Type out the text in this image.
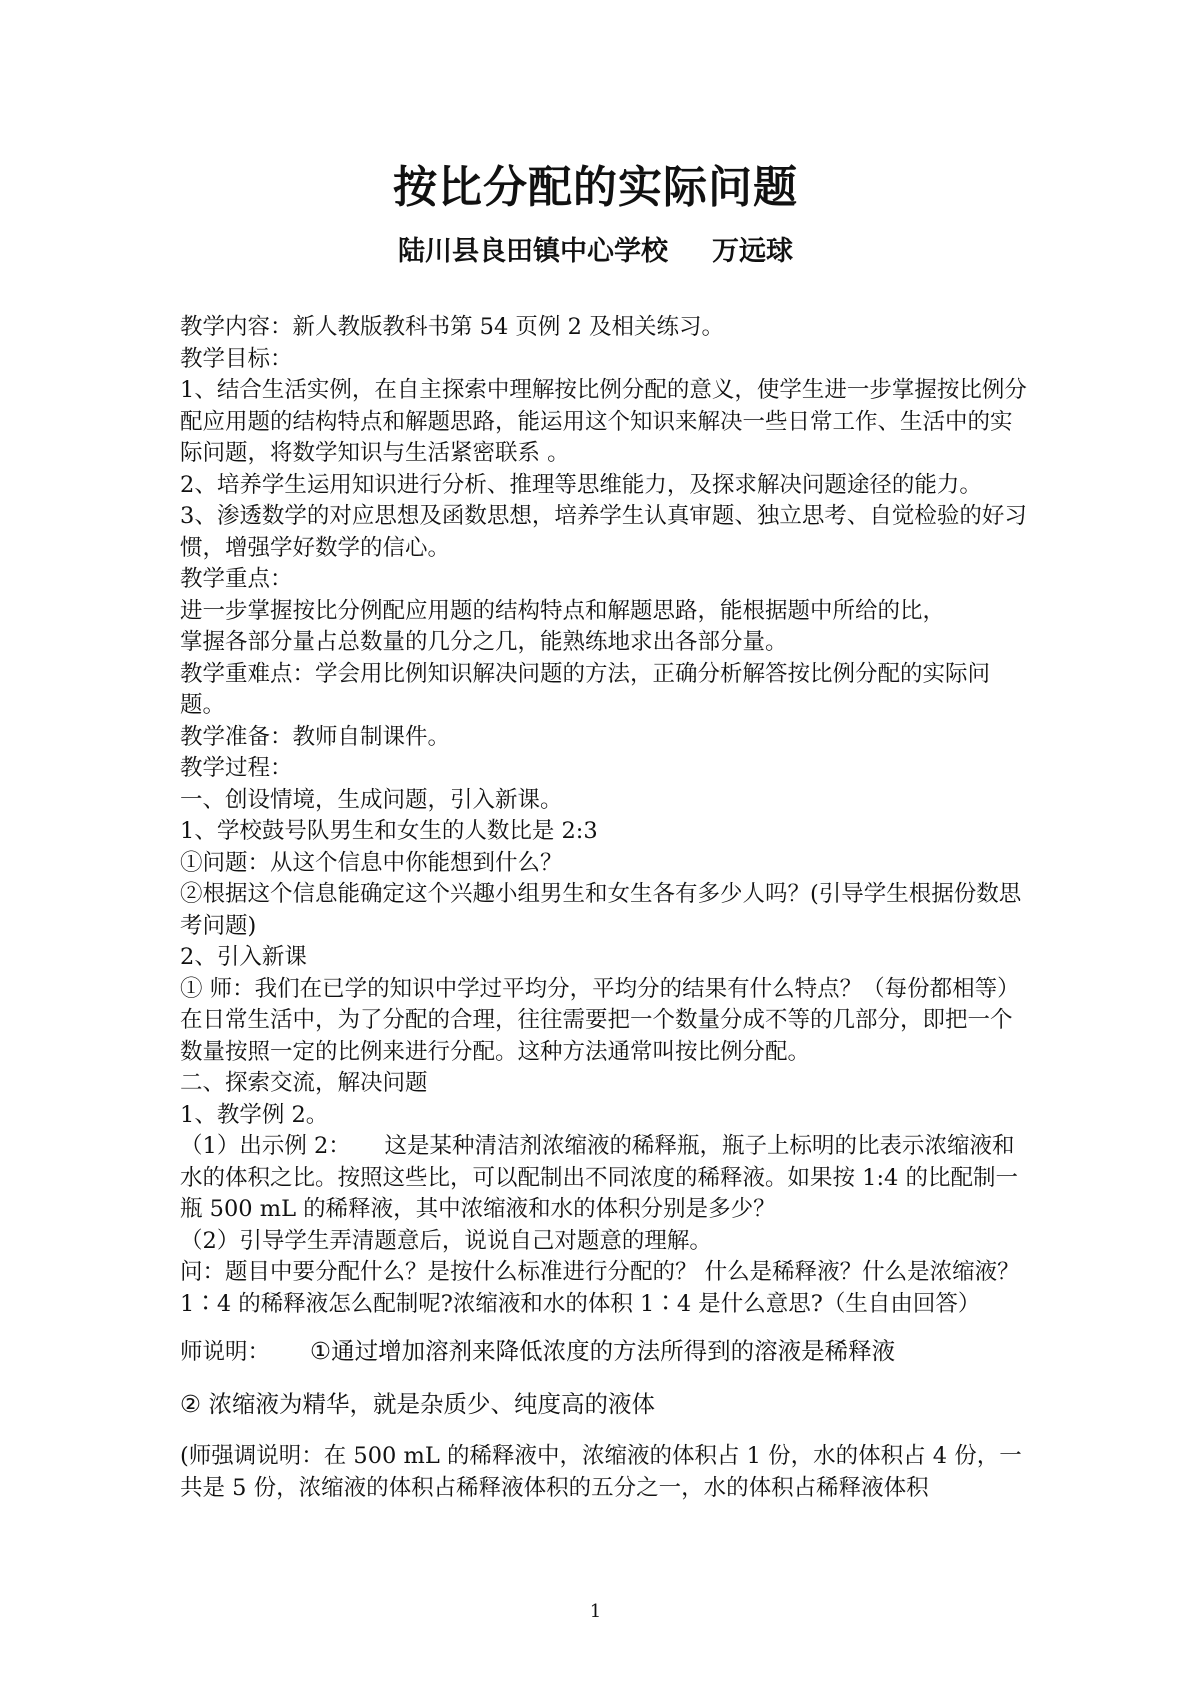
按比分配的实际问题
陆川县良田镇中心学校 万远球

教学内容：新人教版教科书第 54 页例 2 及相关练习。

教学目标：

1、结合生活实例，在自主探索中理解按比例分配的意义，使学生进一步掌握按比例分配应用题的结构特点和解题思路，能运用这个知识来解决一些日常工作、生活中的实际问题，将数学知识与生活紧密联系 。

2、培养学生运用知识进行分析、推理等思维能力，及探求解决问题途径的能力。

3、渗透数学的对应思想及函数思想，培养学生认真审题、独立思考、自觉检验的好习惯，增强学好数学的信心。

教学重点：

进一步掌握按比分例配应用题的结构特点和解题思路，能根据题中所给的比，

掌握各部分量占总数量的几分之几，能熟练地求出各部分量。

教学重难点：学会用比例知识解决问题的方法，正确分析解答按比例分配的实际问题。

教学准备：教师自制课件。

教学过程：

一、创设情境，生成问题，引入新课。

1、学校鼓号队男生和女生的人数比是 2:3

①问题：从这个信息中你能想到什么？

②根据这个信息能确定这个兴趣小组男生和女生各有多少人吗？(引导学生根据份数思考问题)

2、引入新课

① 师：我们在已学的知识中学过平均分，平均分的结果有什么特点？（每份都相等）在日常生活中，为了分配的合理，往往需要把一个数量分成不等的几部分，即把一个数量按照一定的比例来进行分配。这种方法通常叫按比例分配。

二、探索交流，解决问题

1、教学例 2。

（1）出示例 2：　　这是某种清洁剂浓缩液的稀释瓶，瓶子上标明的比表示浓缩液和水的体积之比。按照这些比，可以配制出不同浓度的稀释液。如果按 1:4 的比配制一瓶 500 mL 的稀释液，其中浓缩液和水的体积分别是多少？

（2）引导学生弄清题意后，说说自己对题意的理解。

问：题目中要分配什么？是按什么标准进行分配的？ 什么是稀释液？什么是浓缩液？1∶4 的稀释液怎么配制呢?浓缩液和水的体积 1∶4 是什么意思?（生自由回答）

师说明： ①通过增加溶剂来降低浓度的方法所得到的溶液是稀释液

② 浓缩液为精华，就是杂质少、纯度高的液体

(师强调说明：在 500 mL 的稀释液中，浓缩液的体积占 1 份，水的体积占 4 份，一共是 5 份，浓缩液的体积占稀释液体积的五分之一，水的体积占稀释液体积

1
